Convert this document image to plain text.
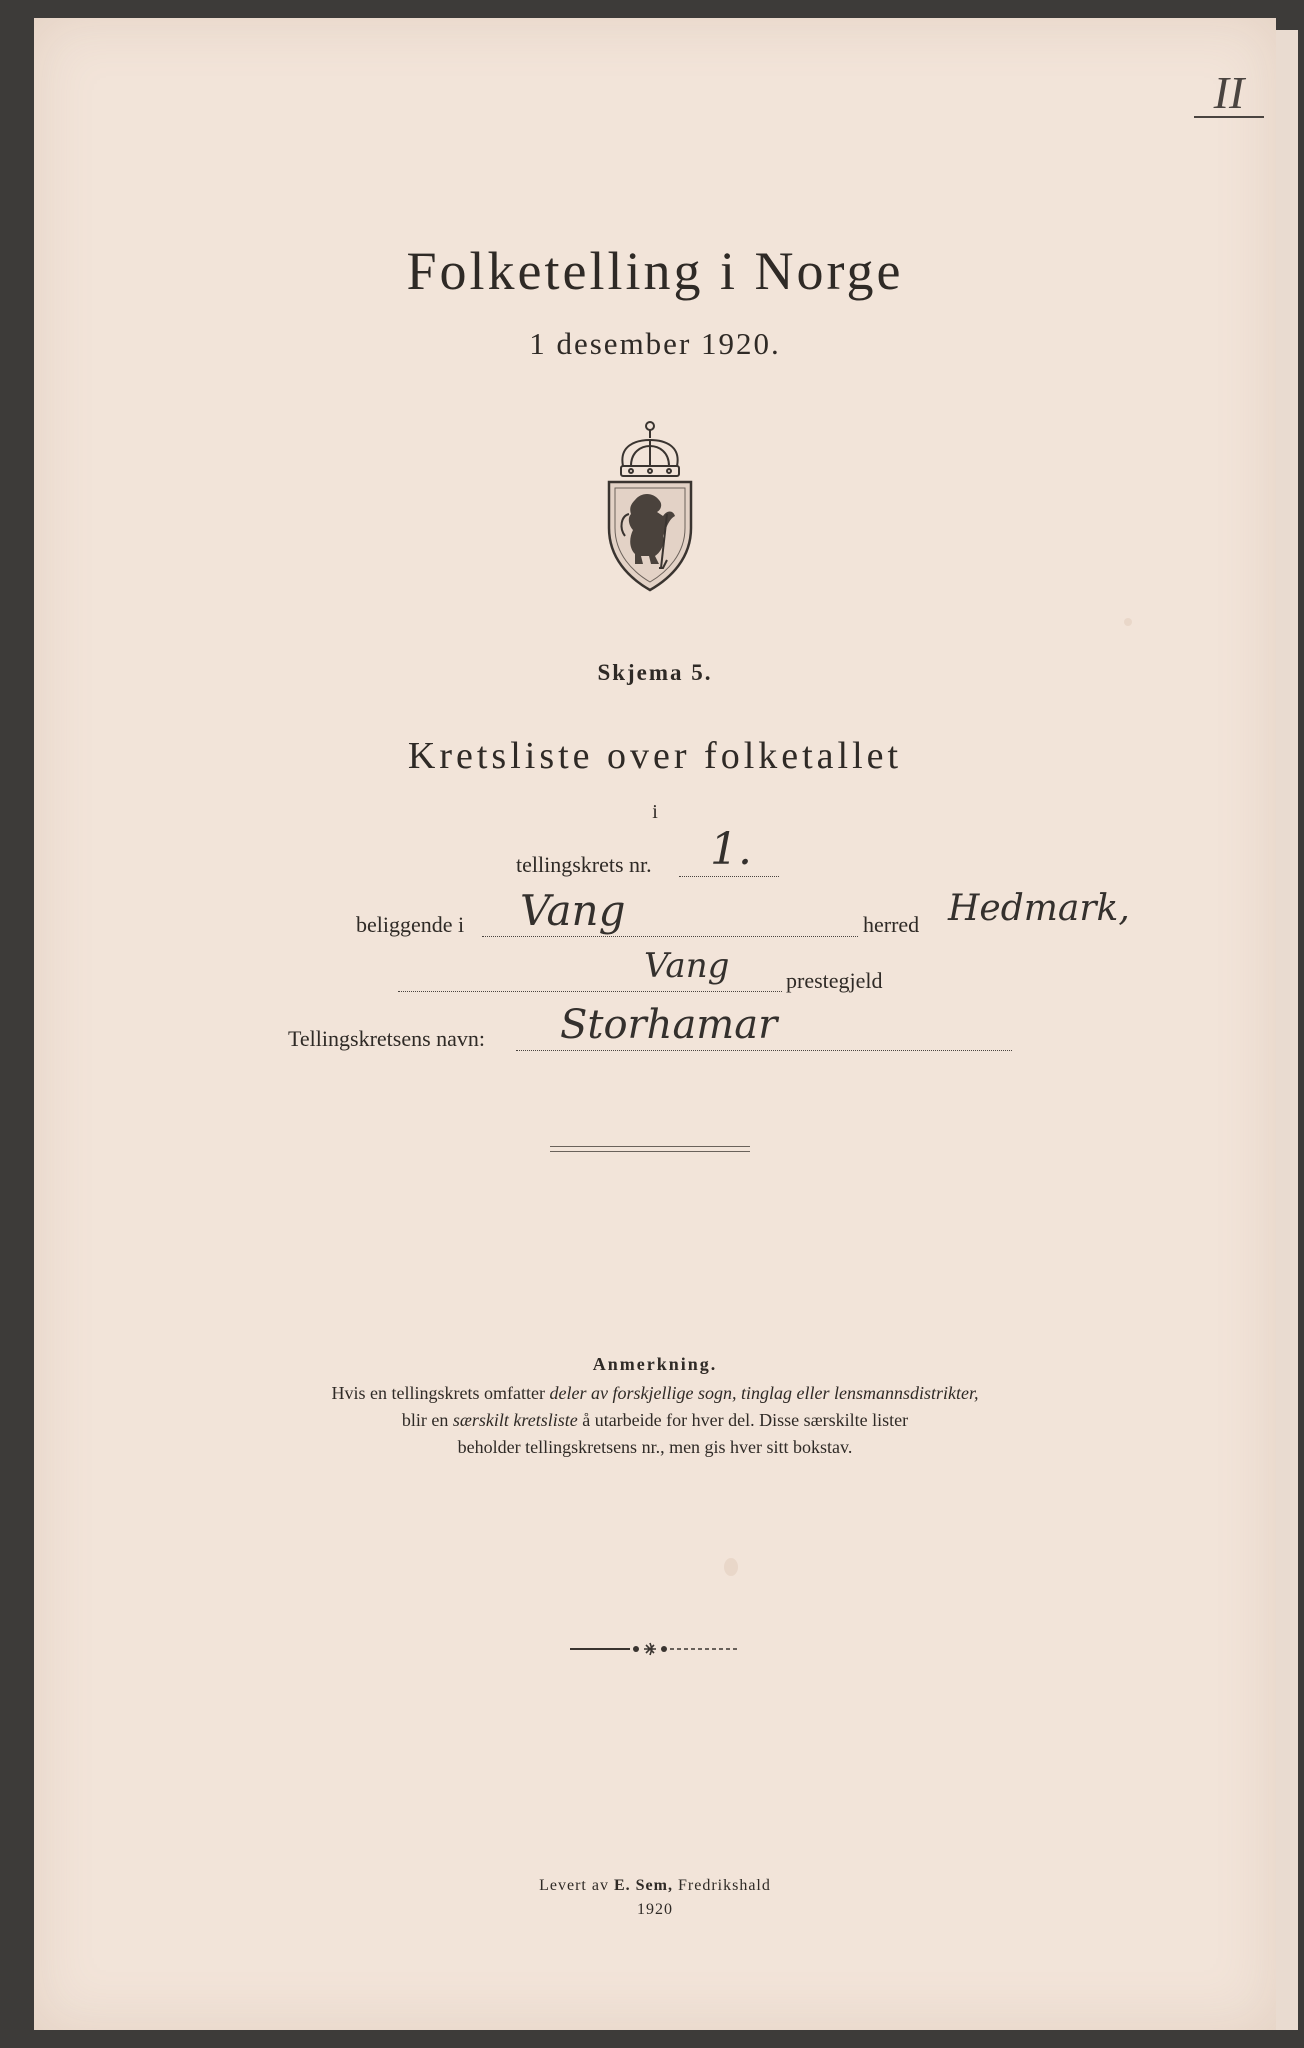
II
Folketelling i Norge
1 desember 1920.
Skjema 5.
Kretsliste over folketallet
i
tellingskrets nr. 1.
beliggende i Vang	herred Hedmark,
Vang	prestegjeld
Tellingskretsens navn: Storhamar
Anmerkning.
Hvis en tellingskrets omfatter deler av forskjellige sogn, tinglag eller lensmannsdistrikter,
blir en særskilt kretsliste å utarbeide for hver del. Disse særskilte lister
beholder tellingskretsens nr., men gis hver sitt bokstav.
Levert av E. Sem, Fredrikshald
1920
